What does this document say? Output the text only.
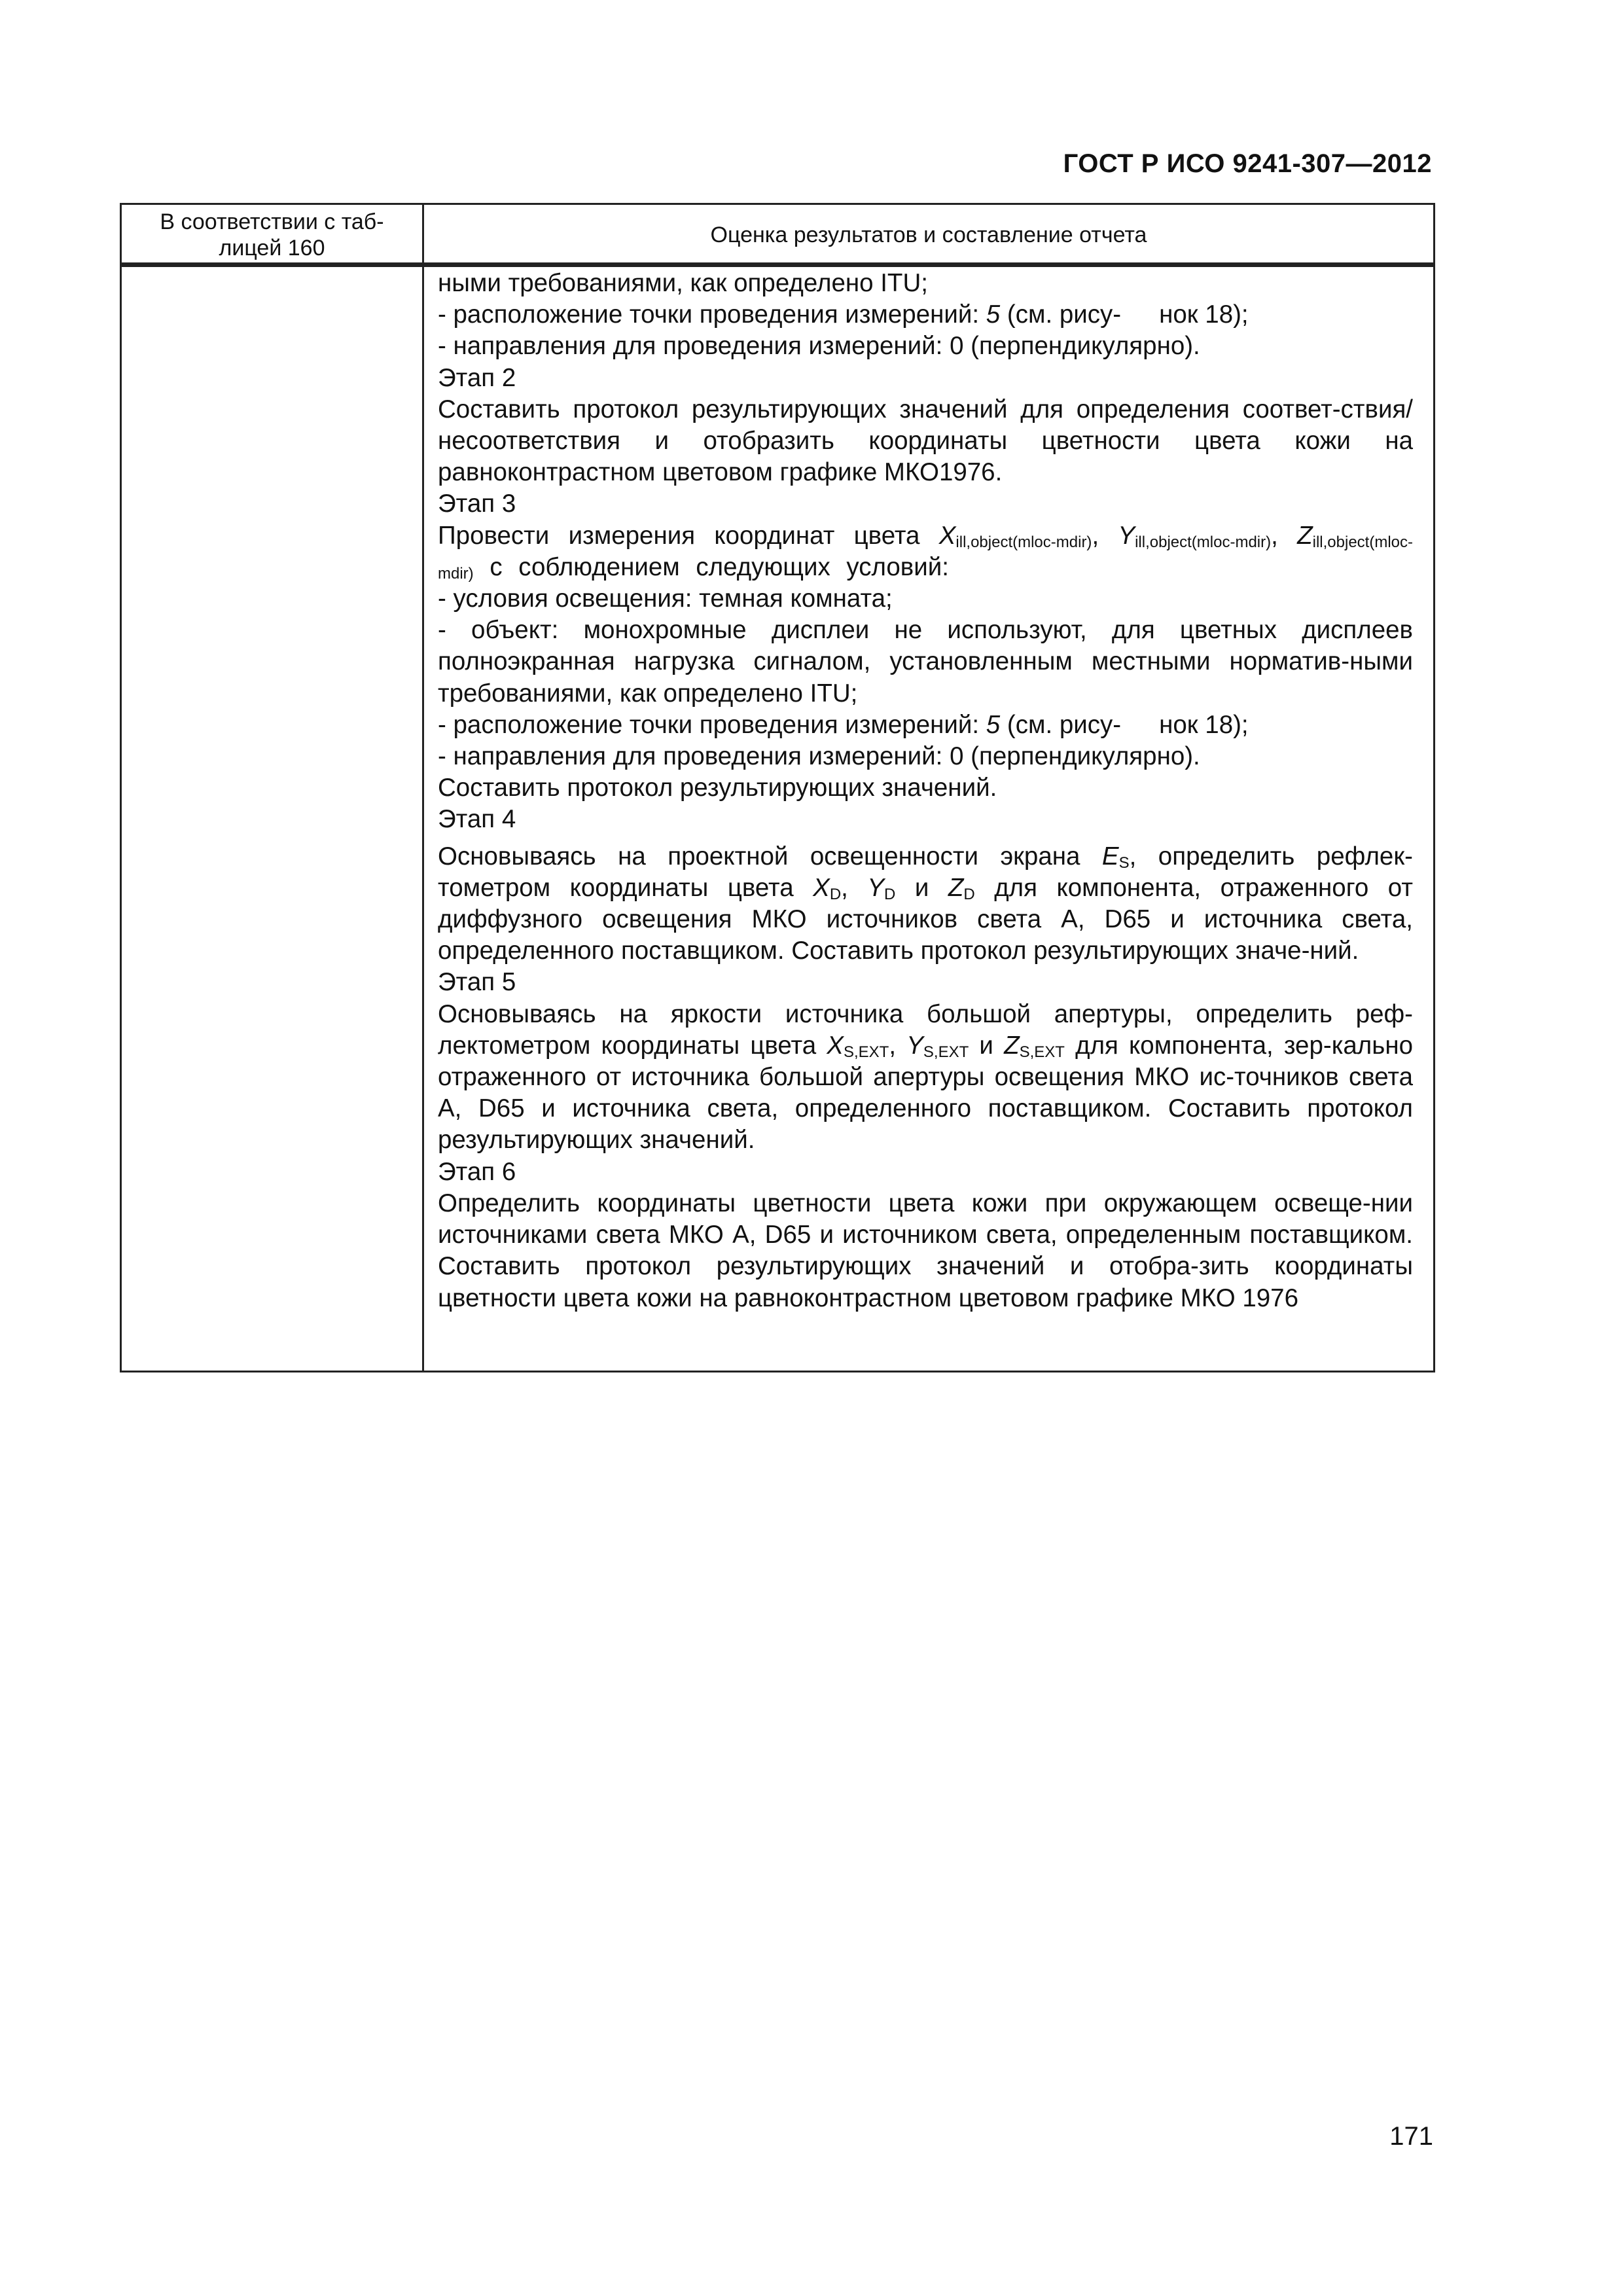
ГОСТ Р ИСО 9241-307—2012
В соответствии с таб-
лицей 160
Оценка результатов и составление отчета

ными требованиями, как определено ITU;

- расположение точки проведения измерений: 5 (см. рису- нок 18);

- направления для проведения измерений: 0 (перпендикулярно).

Этап 2

Составить протокол результирующих значений для определения соответ-ствия/несоответствия и отобразить координаты цветности цвета кожи на равноконтрастном цветовом графике МКО1976.

Этап 3

Провести измерения координат цвета $X_{ill,object(mloc-mdir)}$, $Y_{ill,object(mloc-mdir)}$, $Z_{ill,object(mloc-mdir)}$ с соблюдением следующих условий:

- условия освещения: темная комната;

- объект: монохромные дисплеи не используют, для цветных дисплеев полноэкранная нагрузка сигналом, установленным местными норматив-ными требованиями, как определено ITU;

- расположение точки проведения измерений: 5 (см. рису- нок 18);

- направления для проведения измерений: 0 (перпендикулярно).

Составить протокол результирующих значений.

Этап 4

Основываясь на проектной освещенности экрана $E_S$, определить рефлек-тометром координаты цвета $X_D$, $Y_D$ и $Z_D$ для компонента, отраженного от диффузного освещения МКО источников света А, D65 и источника света, определенного поставщиком. Составить протокол результирующих значе-ний.

Этап 5

Основываясь на яркости источника большой апертуры, определить реф-лектометром координаты цвета $X_{S,EXT}$, $Y_{S,EXT}$ и $Z_{S,EXT}$ для компонента, зер-кально отраженного от источника большой апертуры освещения МКО ис-точников света А, D65 и источника света, определенного поставщиком. Составить протокол результирующих значений.

Этап 6

Определить координаты цветности цвета кожи при окружающем освеще-нии источниками света МКО А, D65 и источником света, определенным поставщиком. Составить протокол результирующих значений и отобра-зить координаты цветности цвета кожи на равноконтрастном цветовом графике МКО 1976

171
